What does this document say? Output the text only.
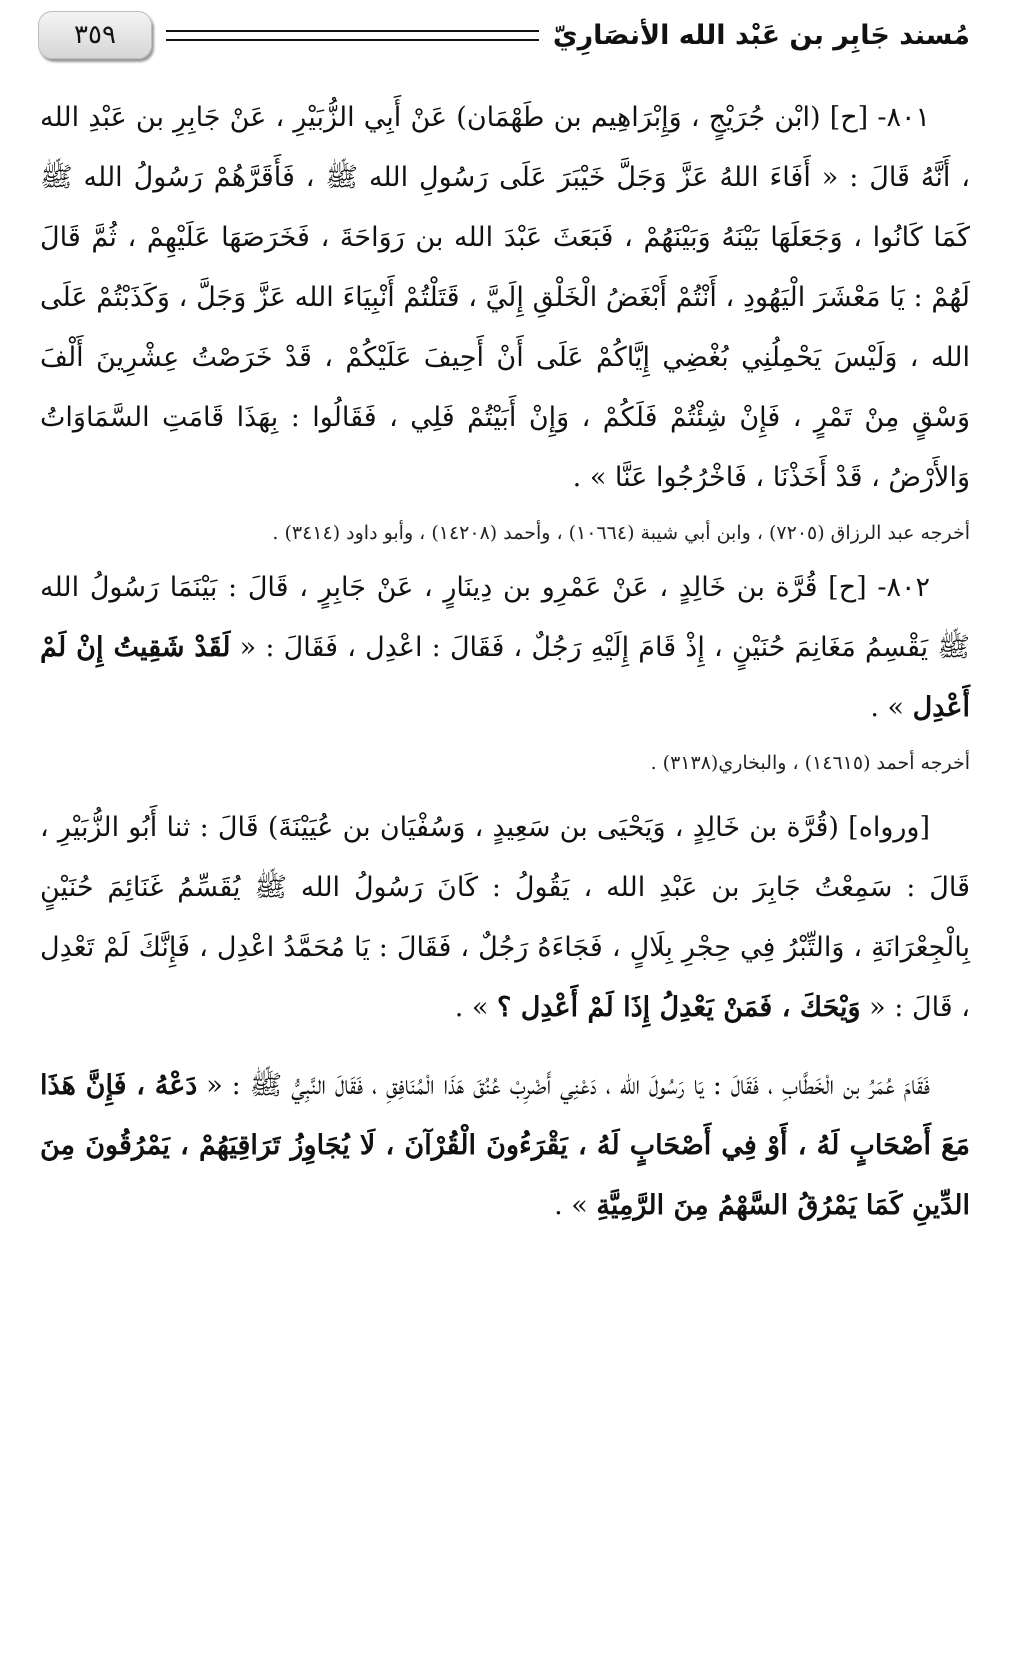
مُسند جَابِر بن عَبْد الله الأنصَارِيّ
٣٥٩

٨٠١- [ح] (ابْن جُرَيْجٍ ، وَإِبْرَاهِيم بن طَهْمَان) عَنْ أَبِي الزُّبَيْرِ ، عَنْ جَابِرِ بن عَبْدِ الله ، أَنَّهُ قَالَ : « أَفَاءَ اللهُ عَزَّ وَجَلَّ خَيْبَرَ عَلَى رَسُولِ الله ﷺ ، فَأَقَرَّهُمْ رَسُولُ الله ﷺ كَمَا كَانُوا ، وَجَعَلَهَا بَيْنَهُ وَبَيْنَهُمْ ، فَبَعَثَ عَبْدَ الله بن رَوَاحَةَ ، فَخَرَصَهَا عَلَيْهِمْ ، ثُمَّ قَالَ لَهُمْ : يَا مَعْشَرَ الْيَهُودِ ، أَنْتُمْ أَبْغَضُ الْخَلْقِ إِلَيَّ ، قَتَلْتُمْ أَنْبِيَاءَ الله عَزَّ وَجَلَّ ، وَكَذَبْتُمْ عَلَى الله ، وَلَيْسَ يَحْمِلُنِي بُغْضِي إِيَّاكُمْ عَلَى أَنْ أَحِيفَ عَلَيْكُمْ ، قَدْ خَرَصْتُ عِشْرِينَ أَلْفَ وَسْقٍ مِنْ تَمْرٍ ، فَإِنْ شِئْتُمْ فَلَكُمْ ، وَإِنْ أَبَيْتُمْ فَلِي ، فَقَالُوا : بِهَذَا قَامَتِ السَّمَاوَاتُ وَالأَرْضُ ، قَدْ أَخَذْنَا ، فَاخْرُجُوا عَنَّا » .

أخرجه عبد الرزاق (٧٢٠٥) ، وابن أبي شيبة (١٠٦٦٤) ، وأحمد (١٤٢٠٨) ، وأبو داود (٣٤١٤) .

٨٠٢- [ح] قُرَّة بن خَالِدٍ ، عَنْ عَمْرِو بن دِينَارٍ ، عَنْ جَابِرٍ ، قَالَ : بَيْنَمَا رَسُولُ الله ﷺ يَقْسِمُ مَغَانِمَ حُنَيْنٍ ، إِذْ قَامَ إِلَيْهِ رَجُلٌ ، فَقَالَ : اعْدِل ، فَقَالَ : « لَقَدْ شَقِيتُ إِنْ لَمْ أَعْدِل » .

أخرجه أحمد (١٤٦١٥) ، والبخاري(٣١٣٨) .

[ورواه] (قُرَّة بن خَالِدٍ ، وَيَحْيَى بن سَعِيدٍ ، وَسُفْيَان بن عُيَيْنَةَ) قَالَ : ثنا أَبُو الزُّبَيْرِ ، قَالَ : سَمِعْتُ جَابِرَ بن عَبْدِ الله ، يَقُولُ : كَانَ رَسُولُ الله ﷺ يُقَسِّمُ غَنَائِمَ حُنَيْنٍ بِالْجِعْرَانَةِ ، وَالتِّبْرُ فِي حِجْرِ بِلَالٍ ، فَجَاءَهُ رَجُلٌ ، فَقَالَ : يَا مُحَمَّدُ اعْدِل ، فَإِنَّكَ لَمْ تَعْدِل ، قَالَ : « وَيْحَكَ ، فَمَنْ يَعْدِلُ إِذَا لَمْ أَعْدِل ؟ » .

فَقَامَ عُمَرُ بن الْخَطَّابِ ، فَقَالَ : يَا رَسُولَ الله ، دَعْنِي أَضْرِبْ عُنُقَ هَذَا الْمُنَافِقِ ، فَقَالَ النَّبِيُّ ﷺ : « دَعْهُ ، فَإِنَّ هَذَا مَعَ أَصْحَابٍ لَهُ ، أَوْ فِي أَصْحَابٍ لَهُ ، يَقْرَءُونَ الْقُرْآنَ ، لَا يُجَاوِزُ تَرَاقِيَهُمْ ، يَمْرُقُونَ مِنَ الدِّينِ كَمَا يَمْرُقُ السَّهْمُ مِنَ الرَّمِيَّةِ » .
